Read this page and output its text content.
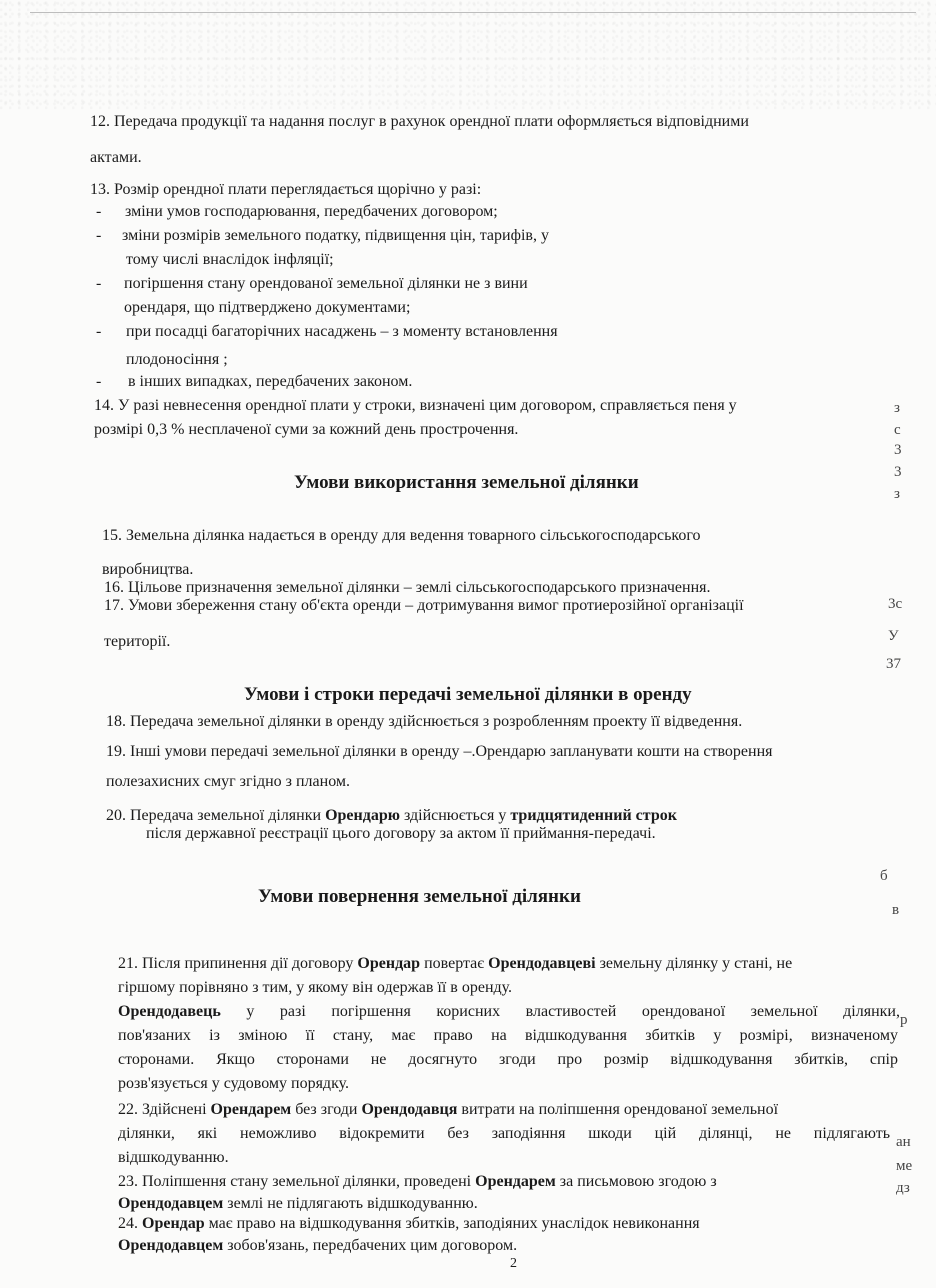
12. Передача продукції та надання послуг в рахунок орендної плати оформляється відповідними
актами.
13. Розмір орендної плати переглядається щорічно у разі:
- зміни умов господарювання, передбачених договором;
- зміни розмірів земельного податку, підвищення цін, тарифів, у
тому числі внаслідок інфляції;
- погіршення стану орендованої земельної ділянки не з вини
орендаря, що підтверджено документами;
- при посадці багаторічних насаджень – з моменту встановлення
плодоносіння ;
- в інших випадках, передбачених законом.
14. У разі невнесення орендної плати у строки, визначені цим договором, справляється пеня у
розмірі 0,3 % несплаченої суми за кожний день прострочення.
Умови використання земельної ділянки
15. Земельна ділянка надається в оренду для ведення товарного сільськогосподарського
виробництва.
16. Цільове призначення земельної ділянки – землі сільськогосподарського призначення.
17. Умови збереження стану об'єкта оренди – дотримування вимог протиерозійної організації
території.
Умови і строки передачі земельної ділянки в оренду
18. Передача земельної ділянки в оренду здійснюється з розробленням проекту її відведення.
19. Інші умови передачі земельної ділянки в оренду –.Орендарю запланувати кошти на створення
полезахисних смуг згідно з планом.
20. Передача земельної ділянки Орендарю здійснюється у тридцятиденний строк
після державної реєстрації цього договору за актом її приймання-передачі.
Умови повернення земельної ділянки
21. Після припинення дії договору Орендар повертає Орендодавцеві земельну ділянку у стані, не
гіршому порівняно з тим, у якому він одержав її в оренду.
Орендодавець у разі погіршення корисних властивостей орендованої земельної ділянки,
пов'язаних із зміною її стану, має право на відшкодування збитків у розмірі, визначеному
сторонами. Якщо сторонами не досягнуто згоди про розмір відшкодування збитків, спір
розв'язується у судовому порядку.
22. Здійснені Орендарем без згоди Орендодавця витрати на поліпшення орендованої земельної
ділянки, які неможливо відокремити без заподіяння шкоди цій ділянці, не підлягають
відшкодуванню.
23. Поліпшення стану земельної ділянки, проведені Орендарем за письмовою згодою з
Орендодавцем землі не підлягають відшкодуванню.
24. Орендар має право на відшкодування збитків, заподіяних унаслідок невиконання
Орендодавцем зобов'язань, передбачених цим договором.
2
з
с
3
3
з
3с
У
37
б
в
р
ан
ме
дз
